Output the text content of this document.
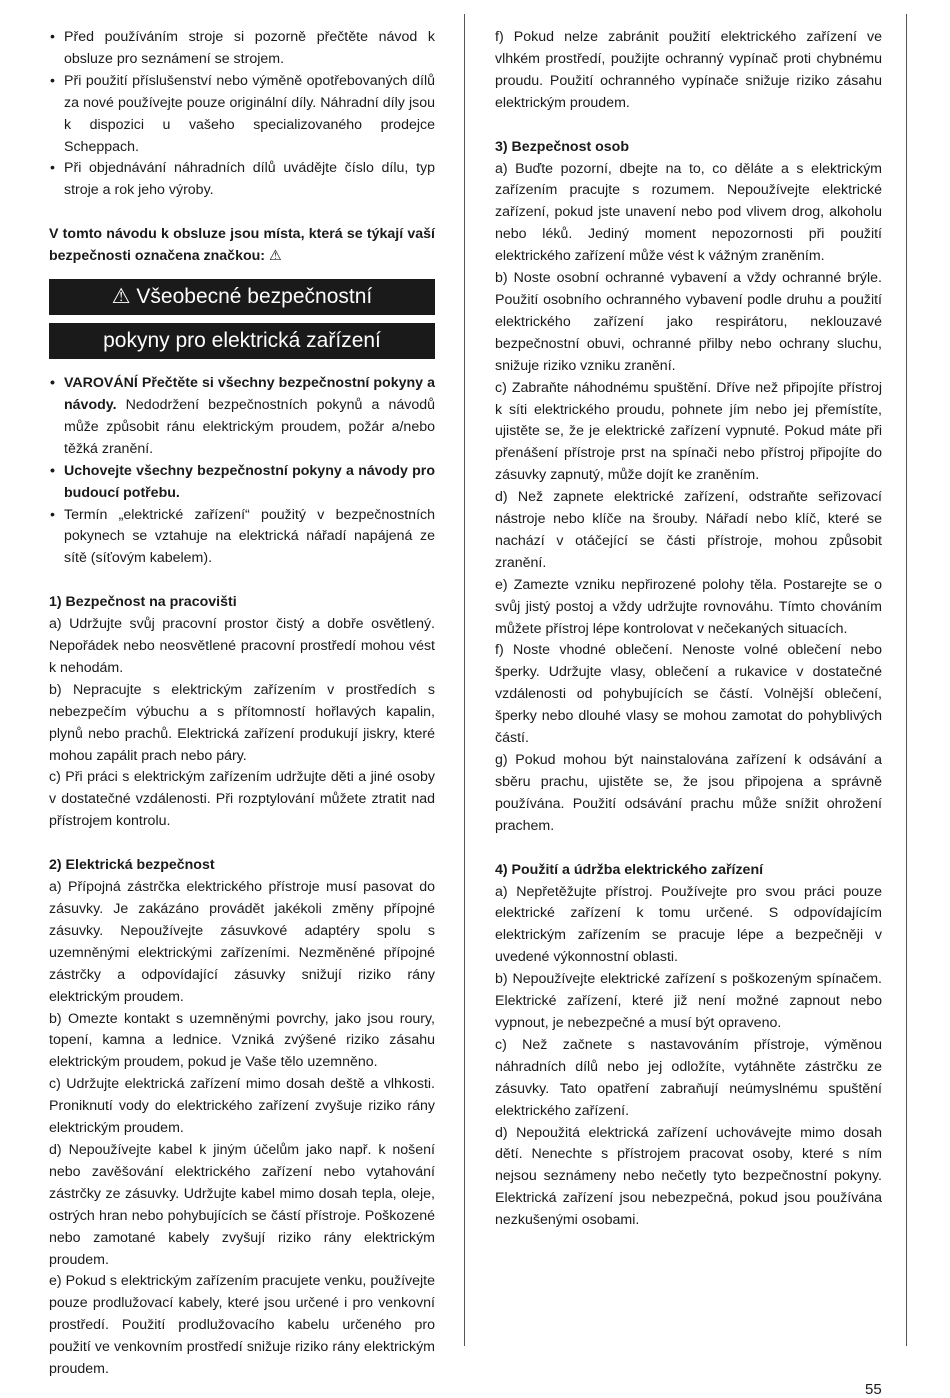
• Před používáním stroje si pozorně přečtěte návod k obsluze pro seznámení se strojem.
• Při použití příslušenství nebo výměně opotřebovaných dílů za nové používejte pouze originální díly. Náhradní díly jsou k dispozici u vašeho specializovaného prodejce Scheppach.
• Při objednávání náhradních dílů uvádějte číslo dílu, typ stroje a rok jeho výroby.

V tomto návodu k obsluze jsou místa, která se týkají vaší bezpečnosti označena značkou: ⚠

⚠ Všeobecné bezpečnostní
pokyny pro elektrická zařízení
• VAROVÁNÍ Přečtěte si všechny bezpečnostní pokyny a návody. Nedodržení bezpečnostních pokynů a návodů může způsobit ránu elektrickým proudem, požár a/nebo těžká zranění.
• Uchovejte všechny bezpečnostní pokyny a návody pro budoucí potřebu.
• Termín „elektrické zařízení“ použitý v bezpečnostních pokynech se vztahuje na elektrická nářadí napájená ze sítě (síťovým kabelem).

1) Bezpečnost na pracovišti

a) Udržujte svůj pracovní prostor čistý a dobře osvětlený. Nepořádek nebo neosvětlené pracovní prostředí mohou vést k nehodám.

b) Nepracujte s elektrickým zařízením v prostředích s nebezpečím výbuchu a s přítomností hořlavých kapalin, plynů nebo prachů. Elektrická zařízení produkují jiskry, které mohou zapálit prach nebo páry.

c) Při práci s elektrickým zařízením udržujte děti a jiné osoby v dostatečné vzdálenosti. Při rozptylování můžete ztratit nad přístrojem kontrolu.

2) Elektrická bezpečnost

a) Přípojná zástrčka elektrického přístroje musí pasovat do zásuvky. Je zakázáno provádět jakékoli změny přípojné zásuvky. Nepoužívejte zásuvkové adaptéry spolu s uzemněnými elektrickými zařízeními. Nezměněné přípojné zástrčky a odpovídající zásuvky snižují riziko rány elektrickým proudem.

b) Omezte kontakt s uzemněnými povrchy, jako jsou roury, topení, kamna a lednice. Vzniká zvýšené riziko zásahu elektrickým proudem, pokud je Vaše tělo uzemněno.

c) Udržujte elektrická zařízení mimo dosah deště a vlhkosti. Proniknutí vody do elektrického zařízení zvyšuje riziko rány elektrickým proudem.

d) Nepoužívejte kabel k jiným účelům jako např. k nošení nebo zavěšování elektrického zařízení nebo vytahování zástrčky ze zásuvky. Udržujte kabel mimo dosah tepla, oleje, ostrých hran nebo pohybujících se částí přístroje. Poškozené nebo zamotané kabely zvyšují riziko rány elektrickým proudem.

e) Pokud s elektrickým zařízením pracujete venku, používejte pouze prodlužovací kabely, které jsou určené i pro venkovní prostředí. Použití prodlužovacího kabelu určeného pro použití ve venkovním prostředí snižuje riziko rány elektrickým proudem.

f) Pokud nelze zabránit použití elektrického zařízení ve vlhkém prostředí, použijte ochranný vypínač proti chybnému proudu. Použití ochranného vypínače snižuje riziko zásahu elektrickým proudem.

3) Bezpečnost osob

a) Buďte pozorní, dbejte na to, co děláte a s elektrickým zařízením pracujte s rozumem. Nepoužívejte elektrické zařízení, pokud jste unavení nebo pod vlivem drog, alkoholu nebo léků. Jediný moment nepozornosti při použití elektrického zařízení může vést k vážným zraněním.

b) Noste osobní ochranné vybavení a vždy ochranné brýle. Použití osobního ochranného vybavení podle druhu a použití elektrického zařízení jako respirátoru, neklouzavé bezpečnostní obuvi, ochranné přilby nebo ochrany sluchu, snižuje riziko vzniku zranění.

c) Zabraňte náhodnému spuštění. Dříve než připojíte přístroj k síti elektrického proudu, pohnete jím nebo jej přemístíte, ujistěte se, že je elektrické zařízení vypnuté. Pokud máte při přenášení přístroje prst na spínači nebo přístroj připojíte do zásuvky zapnutý, může dojít ke zraněním.

d) Než zapnete elektrické zařízení, odstraňte seřizovací nástroje nebo klíče na šrouby. Nářadí nebo klíč, které se nachází v otáčející se části přístroje, mohou způsobit zranění.

e) Zamezte vzniku nepřirozené polohy těla. Postarejte se o svůj jistý postoj a vždy udržujte rovnováhu. Tímto chováním můžete přístroj lépe kontrolovat v nečekaných situacích.

f) Noste vhodné oblečení. Nenoste volné oblečení nebo šperky. Udržujte vlasy, oblečení a rukavice v dostatečné vzdálenosti od pohybujících se částí. Volnější oblečení, šperky nebo dlouhé vlasy se mohou zamotat do pohyblivých částí.

g) Pokud mohou být nainstalována zařízení k odsávání a sběru prachu, ujistěte se, že jsou připojena a správně používána. Použití odsávání prachu může snížit ohrožení prachem.

4) Použití a údržba elektrického zařízení

a) Nepřetěžujte přístroj. Používejte pro svou práci pouze elektrické zařízení k tomu určené. S odpovídajícím elektrickým zařízením se pracuje lépe a bezpečněji v uvedené výkonnostní oblasti.

b) Nepoužívejte elektrické zařízení s poškozeným spínačem. Elektrické zařízení, které již není možné zapnout nebo vypnout, je nebezpečné a musí být opraveno.

c) Než začnete s nastavováním přístroje, výměnou náhradních dílů nebo jej odložíte, vytáhněte zástrčku ze zásuvky. Tato opatření zabraňují neúmyslnému spuštění elektrického zařízení.

d) Nepoužitá elektrická zařízení uchovávejte mimo dosah dětí. Nenechte s přístrojem pracovat osoby, které s ním nejsou seznámeny nebo nečetly tyto bezpečnostní pokyny. Elektrická zařízení jsou nebezpečná, pokud jsou používána nezkušenými osobami.

55
